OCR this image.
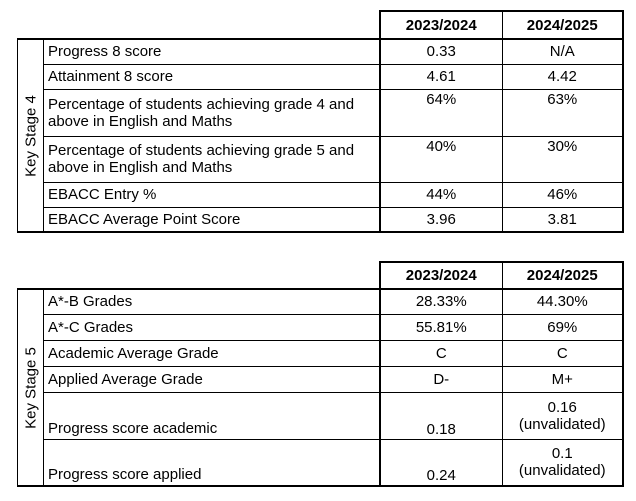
		2023/2024	2024/2025

Key Stage 4	Progress 8 score	0.33	N/A
	Attainment 8 score	4.61	4.42
	Percentage of students achieving grade 4 and above in English and Maths	64%	63%
	Percentage of students achieving grade 5 and above in English and Maths	40%	30%
	EBACC Entry %	44%	46%
	EBACC Average Point Score	3.96	3.81
		2023/2024	2024/2025

Key Stage 5	A*-B Grades	28.33%	44.30%
	A*-C Grades	55.81%	69%
	Academic Average Grade	C	C
	Applied Average Grade	D-	M+
	Progress score academic	0.18	0.16
(unvalidated)

	Progress score applied	0.24	0.1
(unvalidated)
